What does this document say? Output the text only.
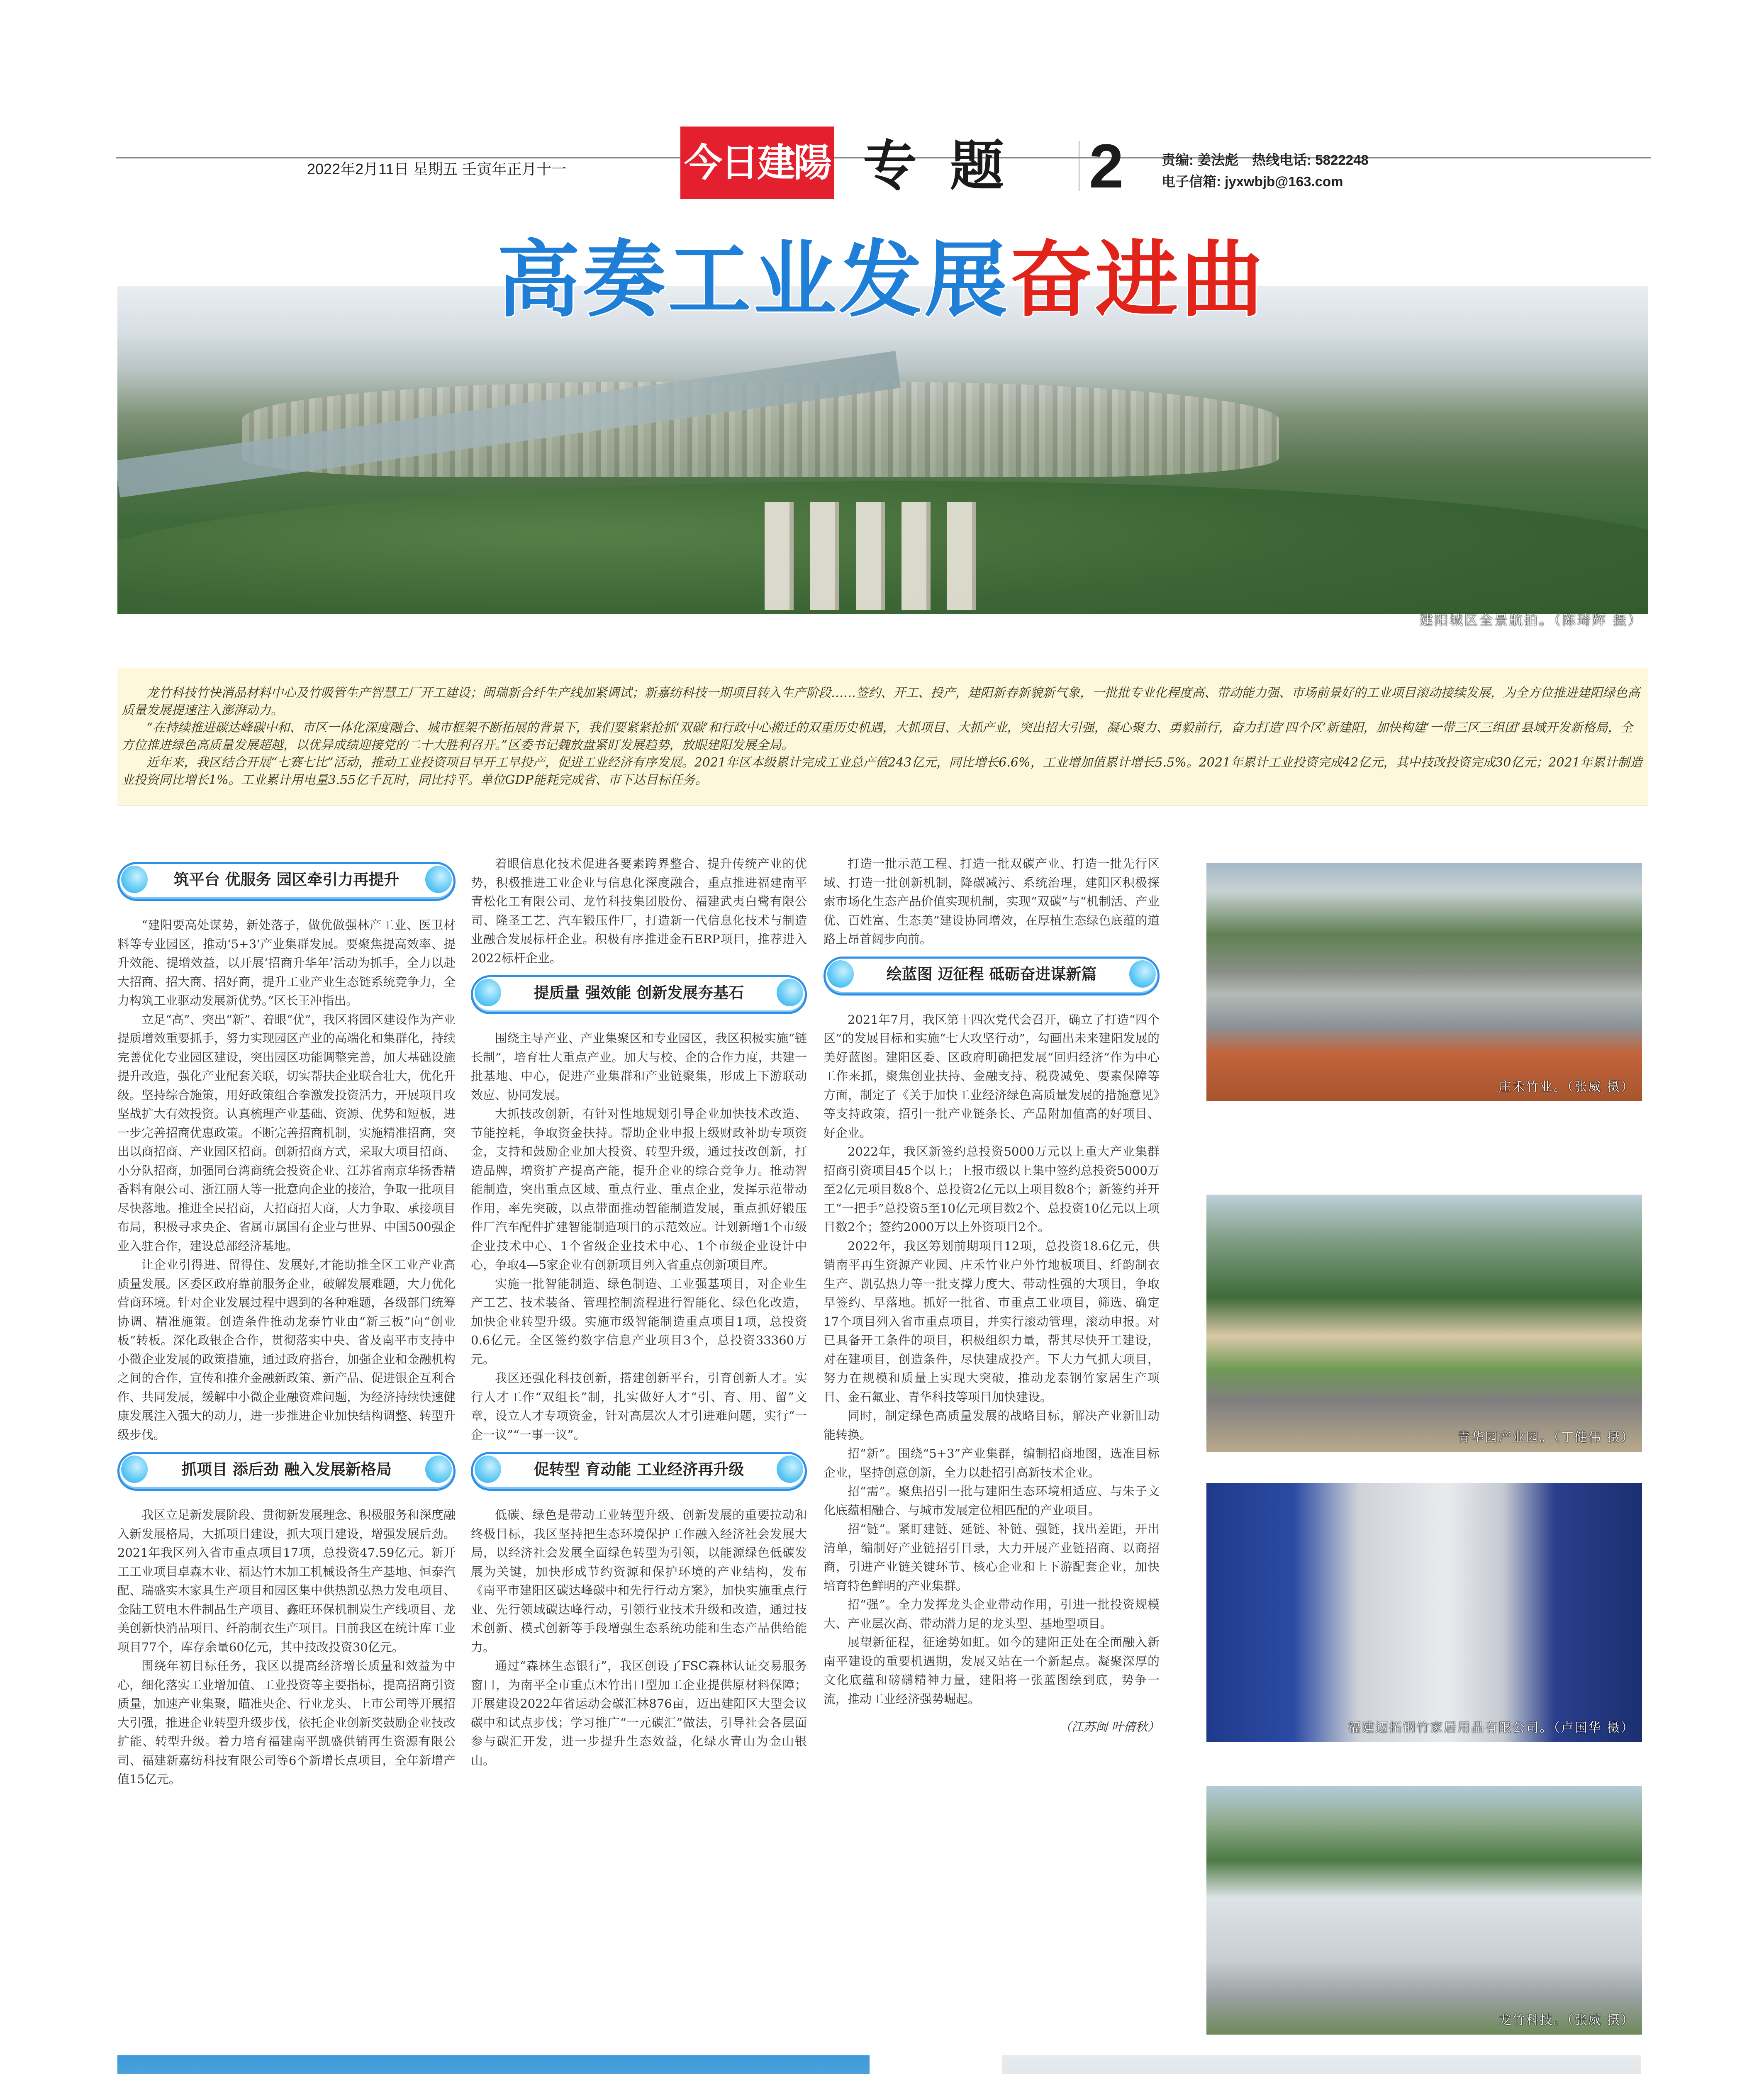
2022年2月11日 星期五 壬寅年正月十一	今日建陽 专题 2	责编: 姜法彪　热线电话: 5822248
电子信箱: jyxwbjb@163.com
高奏工业发展奋进曲
建阳城区全景航拍。（陈琦辉 摄）

龙竹科技竹快消品材料中心及竹吸管生产智慧工厂开工建设；闽瑞新合纤生产线加紧调试；新嘉纺科技一期项目转入生产阶段……签约、开工、投产，建阳新春新貌新气象，一批批专业化程度高、带动能力强、市场前景好的工业项目滚动接续发展，为全方位推进建阳绿色高质量发展提速注入澎湃动力。

“在持续推进碳达峰碳中和、市区一体化深度融合、城市框架不断拓展的背景下，我们要紧紧抢抓‘双碳’和行政中心搬迁的双重历史机遇，大抓项目、大抓产业，突出招大引强，凝心聚力、勇毅前行，奋力打造‘四个区’新建阳，加快构建‘一带三区三组团’县域开发新格局，全方位推进绿色高质量发展超越，以优异成绩迎接党的二十大胜利召开。”区委书记魏放盘紧盯发展趋势，放眼建阳发展全局。

近年来，我区结合开展“七赛七比”活动，推动工业投资项目早开工早投产，促进工业经济有序发展。2021年区本级累计完成工业总产值243亿元，同比增长6.6%，工业增加值累计增长5.5%。2021年累计工业投资完成42亿元，其中技改投资完成30亿元；2021年累计制造业投资同比增长1%。工业累计用电量3.55亿千瓦时，同比持平。单位GDP能耗完成省、市下达目标任务。

筑平台 优服务 园区牵引力再提升

“建阳要高处谋势，新处落子，做优做强林产工业、医卫材料等专业园区，推动‘5+3’产业集群发展。要聚焦提高效率、提升效能、提增效益，以开展‘招商升华年’活动为抓手，全力以赴大招商、招大商、招好商，提升工业产业生态链系统竞争力，全力构筑工业驱动发展新优势。”区长王冲指出。

立足“高”、突出“新”、着眼“优”，我区将园区建设作为产业提质增效重要抓手，努力实现园区产业的高端化和集群化，持续完善优化专业园区建设，突出园区功能调整完善，加大基础设施提升改造，强化产业配套关联，切实帮扶企业联合壮大，优化升级。坚持综合施策，用好政策组合拳激发投资活力，开展项目攻坚战扩大有效投资。认真梳理产业基础、资源、优势和短板，进一步完善招商优惠政策。不断完善招商机制，实施精准招商，突出以商招商、产业园区招商。创新招商方式，采取大项目招商、小分队招商，加强同台湾商统会投资企业、江苏省南京华扬香精香料有限公司、浙江丽人等一批意向企业的接洽，争取一批项目尽快落地。推进全民招商，大招商招大商，大力争取、承接项目布局，积极寻求央企、省属市属国有企业与世界、中国500强企业入驻合作，建设总部经济基地。

让企业引得进、留得住、发展好,才能助推全区工业产业高质量发展。区委区政府靠前服务企业，破解发展难题，大力优化营商环境。针对企业发展过程中遇到的各种难题，各级部门统筹协调、精准施策。创造条件推动龙泰竹业由“新三板”向“创业板”转板。深化政银企合作，贯彻落实中央、省及南平市支持中小微企业发展的政策措施，通过政府搭台，加强企业和金融机构之间的合作，宣传和推介金融新政策、新产品、促进银企互利合作、共同发展，缓解中小微企业融资难问题，为经济持续快速健康发展注入强大的动力，进一步推进企业加快结构调整、转型升级步伐。

抓项目 添后劲 融入发展新格局

我区立足新发展阶段、贯彻新发展理念、积极服务和深度融入新发展格局，大抓项目建设，抓大项目建设，增强发展后劲。2021年我区列入省市重点项目17项，总投资47.59亿元。新开工工业项目卓森木业、福达竹木加工机械设备生产基地、恒泰汽配、瑞盛实木家具生产项目和园区集中供热凯弘热力发电项目、金陆工贸电木件制品生产项目、鑫旺环保机制炭生产线项目、龙美创新快消品项目、纤韵制衣生产项目。目前我区在统计库工业项目77个，库存余量60亿元，其中技改投资30亿元。

围绕年初目标任务，我区以提高经济增长质量和效益为中心，细化落实工业增加值、工业投资等主要指标，提高招商引资质量，加速产业集聚，瞄准央企、行业龙头、上市公司等开展招大引强，推进企业转型升级步伐，依托企业创新奖鼓励企业技改扩能、转型升级。着力培育福建南平凯盛供销再生资源有限公司、福建新嘉纺科技有限公司等6个新增长点项目，全年新增产值15亿元。

着眼信息化技术促进各要素跨界整合、提升传统产业的优势，积极推进工业企业与信息化深度融合，重点推进福建南平青松化工有限公司、龙竹科技集团股份、福建武夷白鹭有限公司、隆圣工艺、汽车锻压件厂，打造新一代信息化技术与制造业融合发展标杆企业。积极有序推进金石ERP项目，推荐进入2022标杆企业。

提质量 强效能 创新发展夯基石

围绕主导产业、产业集聚区和专业园区，我区积极实施“链长制”，培育壮大重点产业。加大与校、企的合作力度，共建一批基地、中心，促进产业集群和产业链聚集，形成上下游联动效应、协同发展。

大抓技改创新，有针对性地规划引导企业加快技术改造、节能控耗，争取资金扶持。帮助企业申报上级财政补助专项资金，支持和鼓励企业加大投资、转型升级，通过技改创新，打造品牌，增资扩产提高产能，提升企业的综合竞争力。推动智能制造，突出重点区域、重点行业、重点企业，发挥示范带动作用，率先突破，以点带面推动智能制造发展，重点抓好锻压件厂汽车配件扩建智能制造项目的示范效应。计划新增1个市级企业技术中心、1个省级企业技术中心、1个市级企业设计中心，争取4—5家企业有创新项目列入省重点创新项目库。

实施一批智能制造、绿色制造、工业强基项目，对企业生产工艺、技术装备、管理控制流程进行智能化、绿色化改造，加快企业转型升级。实施市级智能制造重点项目1项，总投资0.6亿元。全区签约数字信息产业项目3个，总投资33360万元。

我区还强化科技创新，搭建创新平台，引育创新人才。实行人才工作“双组长”制，扎实做好人才“引、育、用、留”文章，设立人才专项资金，针对高层次人才引进难问题，实行“一企一议”“一事一议”。

促转型 育动能 工业经济再升级

低碳、绿色是带动工业转型升级、创新发展的重要拉动和终极目标，我区坚持把生态环境保护工作融入经济社会发展大局，以经济社会发展全面绿色转型为引领，以能源绿色低碳发展为关键，加快形成节约资源和保护环境的产业结构，发布《南平市建阳区碳达峰碳中和先行行动方案》，加快实施重点行业、先行领域碳达峰行动，引领行业技术升级和改造，通过技术创新、模式创新等手段增强生态系统功能和生态产品供给能力。

通过“森林生态银行”，我区创设了FSC森林认证交易服务窗口，为南平全市重点木竹出口型加工企业提供原材料保障；开展建设2022年省运动会碳汇林876亩，迈出建阳区大型会议碳中和试点步伐；学习推广“一元碳汇”做法，引导社会各层面参与碳汇开发，进一步提升生态效益，化绿水青山为金山银山。

打造一批示范工程、打造一批双碳产业、打造一批先行区域、打造一批创新机制，降碳减污、系统治理，建阳区积极探索市场化生态产品价值实现机制，实现“双碳”与“机制活、产业优、百姓富、生态美”建设协同增效，在厚植生态绿色底蕴的道路上昂首阔步向前。

绘蓝图 迈征程 砥砺奋进谋新篇

2021年7月，我区第十四次党代会召开，确立了打造“四个区”的发展目标和实施“七大攻坚行动”，勾画出未来建阳发展的美好蓝图。建阳区委、区政府明确把发展“回归经济”作为中心工作来抓，聚焦创业扶持、金融支持、税费减免、要素保障等方面，制定了《关于加快工业经济绿色高质量发展的措施意见》等支持政策，招引一批产业链条长、产品附加值高的好项目、好企业。

2022年，我区新签约总投资5000万元以上重大产业集群招商引资项目45个以上；上报市级以上集中签约总投资5000万至2亿元项目数8个、总投资2亿元以上项目数8个；新签约并开工“一把手”总投资5至10亿元项目数2个、总投资10亿元以上项目数2个；签约2000万以上外资项目2个。

2022年，我区筹划前期项目12项，总投资18.6亿元，供销南平再生资源产业园、庄禾竹业户外竹地板项目、纤韵制衣生产、凯弘热力等一批支撑力度大、带动性强的大项目，争取早签约、早落地。抓好一批省、市重点工业项目，筛选、确定17个项目列入省市重点项目，并实行滚动管理，滚动申报。对已具备开工条件的项目，积极组织力量，帮其尽快开工建设，对在建项目，创造条件，尽快建成投产。下大力气抓大项目，努力在规模和质量上实现大突破，推动龙泰钢竹家居生产项目、金石氟业、青华科技等项目加快建设。

同时，制定绿色高质量发展的战略目标，解决产业新旧动能转换。

招“新”。围绕“5+3”产业集群，编制招商地图，选准目标企业，坚持创意创新，全力以赴招引高新技术企业。

招“需”。聚焦招引一批与建阳生态环境相适应、与朱子文化底蕴相融合、与城市发展定位相匹配的产业项目。

招“链”。紧盯建链、延链、补链、强链，找出差距，开出清单，编制好产业链招引目录，大力开展产业链招商、以商招商，引进产业链关键环节、核心企业和上下游配套企业，加快培育特色鲜明的产业集群。

招“强”。全力发挥龙头企业带动作用，引进一批投资规模大、产业层次高、带动潜力足的龙头型、基地型项目。

展望新征程，征途势如虹。如今的建阳正处在全面融入新南平建设的重要机遇期，发展又站在一个新起点。凝聚深厚的文化底蕴和磅礴精神力量，建阳将一张蓝图绘到底，势争一流，推动工业经济强势崛起。

（江苏闽 叶倩秋）

庄禾竹业。（张威 摄）
青华园产业园。（丁健伟 摄）
福建迈拓钢竹家居用品有限公司。（卢国华 摄）
龙竹科技。（张威 摄）
